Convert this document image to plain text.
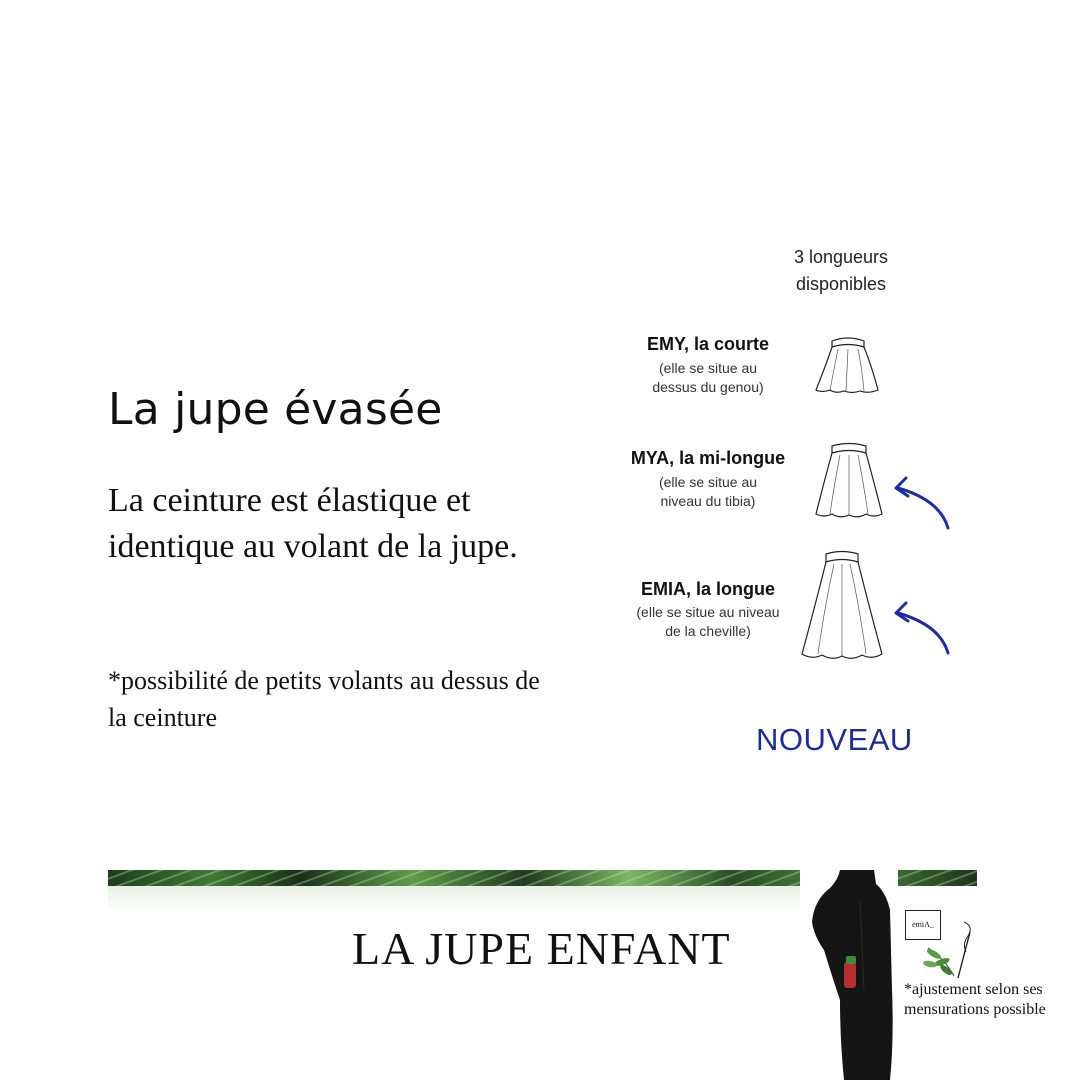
La jupe évasée
La ceinture est élastique et identique au volant de la jupe.
*possibilité de petits volants au dessus de la ceinture
3 longueurs disponibles
EMY, la courte
(elle se situe au dessus du genou)
MYA, la mi-longue
(elle se situe au niveau du tibia)
EMIA, la longue
(elle se situe au niveau de la cheville)
NOUVEAU
LA JUPE ENFANT	emiA_
*ajustement selon ses mensurations possible
